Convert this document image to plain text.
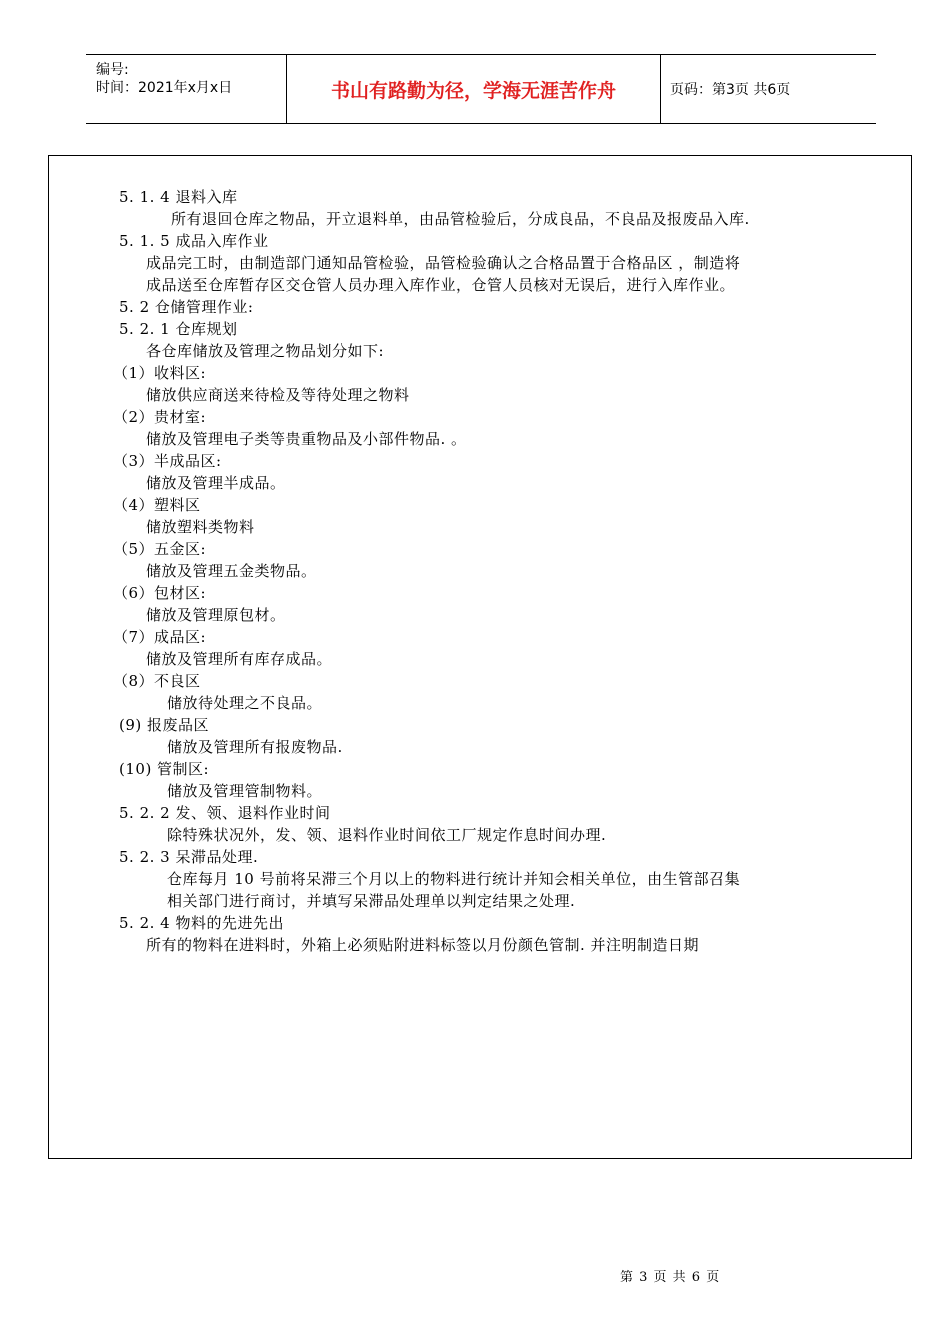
编号:
时间：2021年x月x日	书山有路勤为径，学海无涯苦作舟	页码：第3页 共6页
5. 1. 4 退料入库
所有退回仓库之物品，开立退料单，由品管检验后，分成良品，不良品及报废品入库.
5. 1. 5 成品入库作业
成品完工时，由制造部门通知品管检验，品管检验确认之合格品置于合格品区 ，制造将
成品送至仓库暂存区交仓管人员办理入库作业，仓管人员核对无误后，进行入库作业。
5. 2 仓储管理作业:
5. 2. 1 仓库规划
各仓库储放及管理之物品划分如下:
（1）收料区:
储放供应商送来待检及等待处理之物料
（2）贵材室:
储放及管理电子类等贵重物品及小部件物品. 。
（3）半成品区:
储放及管理半成品。
（4）塑料区
储放塑料类物料
（5）五金区:
储放及管理五金类物品。
（6）包材区:
储放及管理原包材。
（7）成品区:
储放及管理所有库存成品。
（8）不良区
储放待处理之不良品。
(9) 报废品区
储放及管理所有报废物品.
(10) 管制区:
储放及管理管制物料。
5. 2. 2 发、领、退料作业时间
除特殊状况外，发、领、退料作业时间依工厂规定作息时间办理.
5. 2. 3 呆滞品处理.
仓库每月 10 号前将呆滞三个月以上的物料进行统计并知会相关单位，由生管部召集
相关部门进行商讨，并填写呆滞品处理单以判定结果之处理.
5. 2. 4 物料的先进先出
所有的物料在进料时，外箱上必须贴附进料标签以月份颜色管制. 并注明制造日期
第 3 页 共 6 页
